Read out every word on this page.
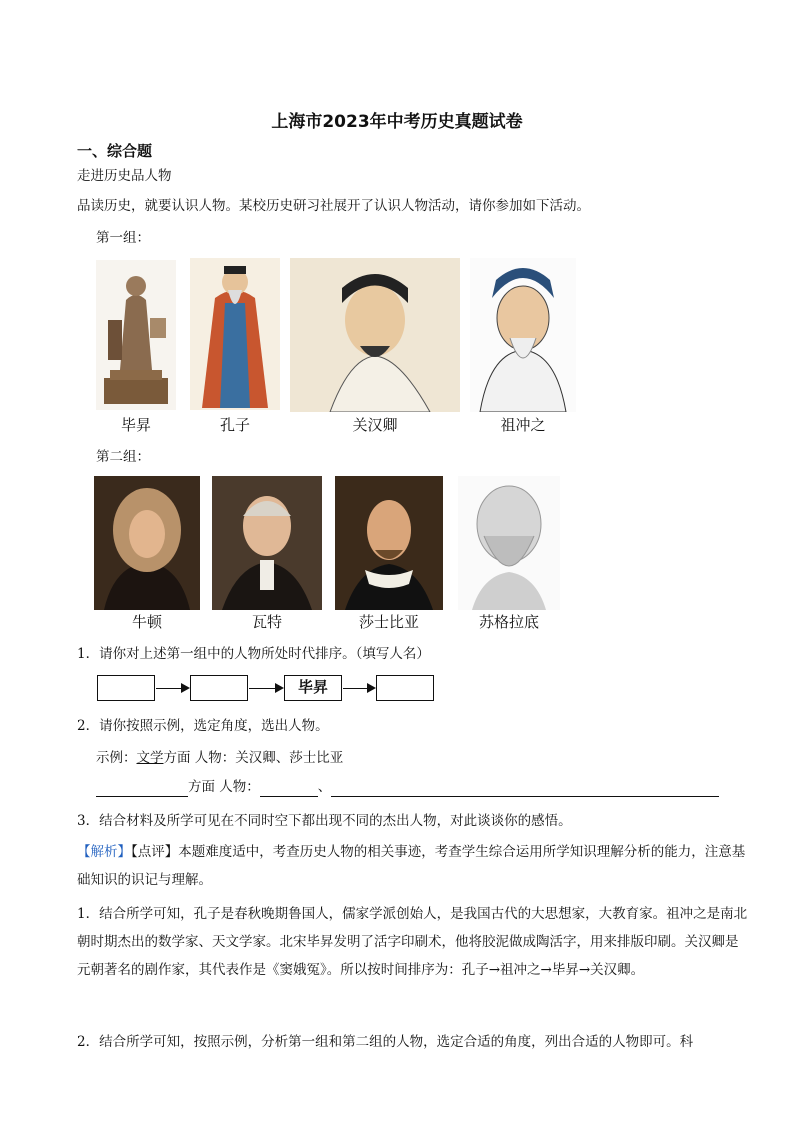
上海市2023年中考历史真题试卷
一、综合题
走进历史品人物
品读历史，就要认识人物。某校历史研习社展开了认识人物活动，请你参加如下活动。
第一组：
毕昇	孔子	关汉卿	祖冲之
第二组：
牛顿	瓦特	莎士比亚	苏格拉底
1．请你对上述第一组中的人物所处时代排序。（填写人名）
毕昇
2．请你按照示例，选定角度，选出人物。
示例：文学方面 人物：关汉卿、莎士比亚
方面 人物：	、
3．结合材料及所学可见在不同时空下都出现不同的杰出人物，对此谈谈你的感悟。
【解析】【点评】本题难度适中，考查历史人物的相关事迹，考查学生综合运用所学知识理解分析的能力，注意基础知识的识记与理解。
1．结合所学可知，孔子是春秋晚期鲁国人，儒家学派创始人，是我国古代的大思想家，大教育家。祖冲之是南北朝时期杰出的数学家、天文学家。北宋毕昇发明了活字印刷术，他将胶泥做成陶活字，用来排版印刷。关汉卿是元朝著名的剧作家，其代表作是《窦娥冤》。所以按时间排序为：孔子→祖冲之→毕昇→关汉卿。
2．结合所学可知，按照示例，分析第一组和第二组的人物，选定合适的角度，列出合适的人物即可。科
